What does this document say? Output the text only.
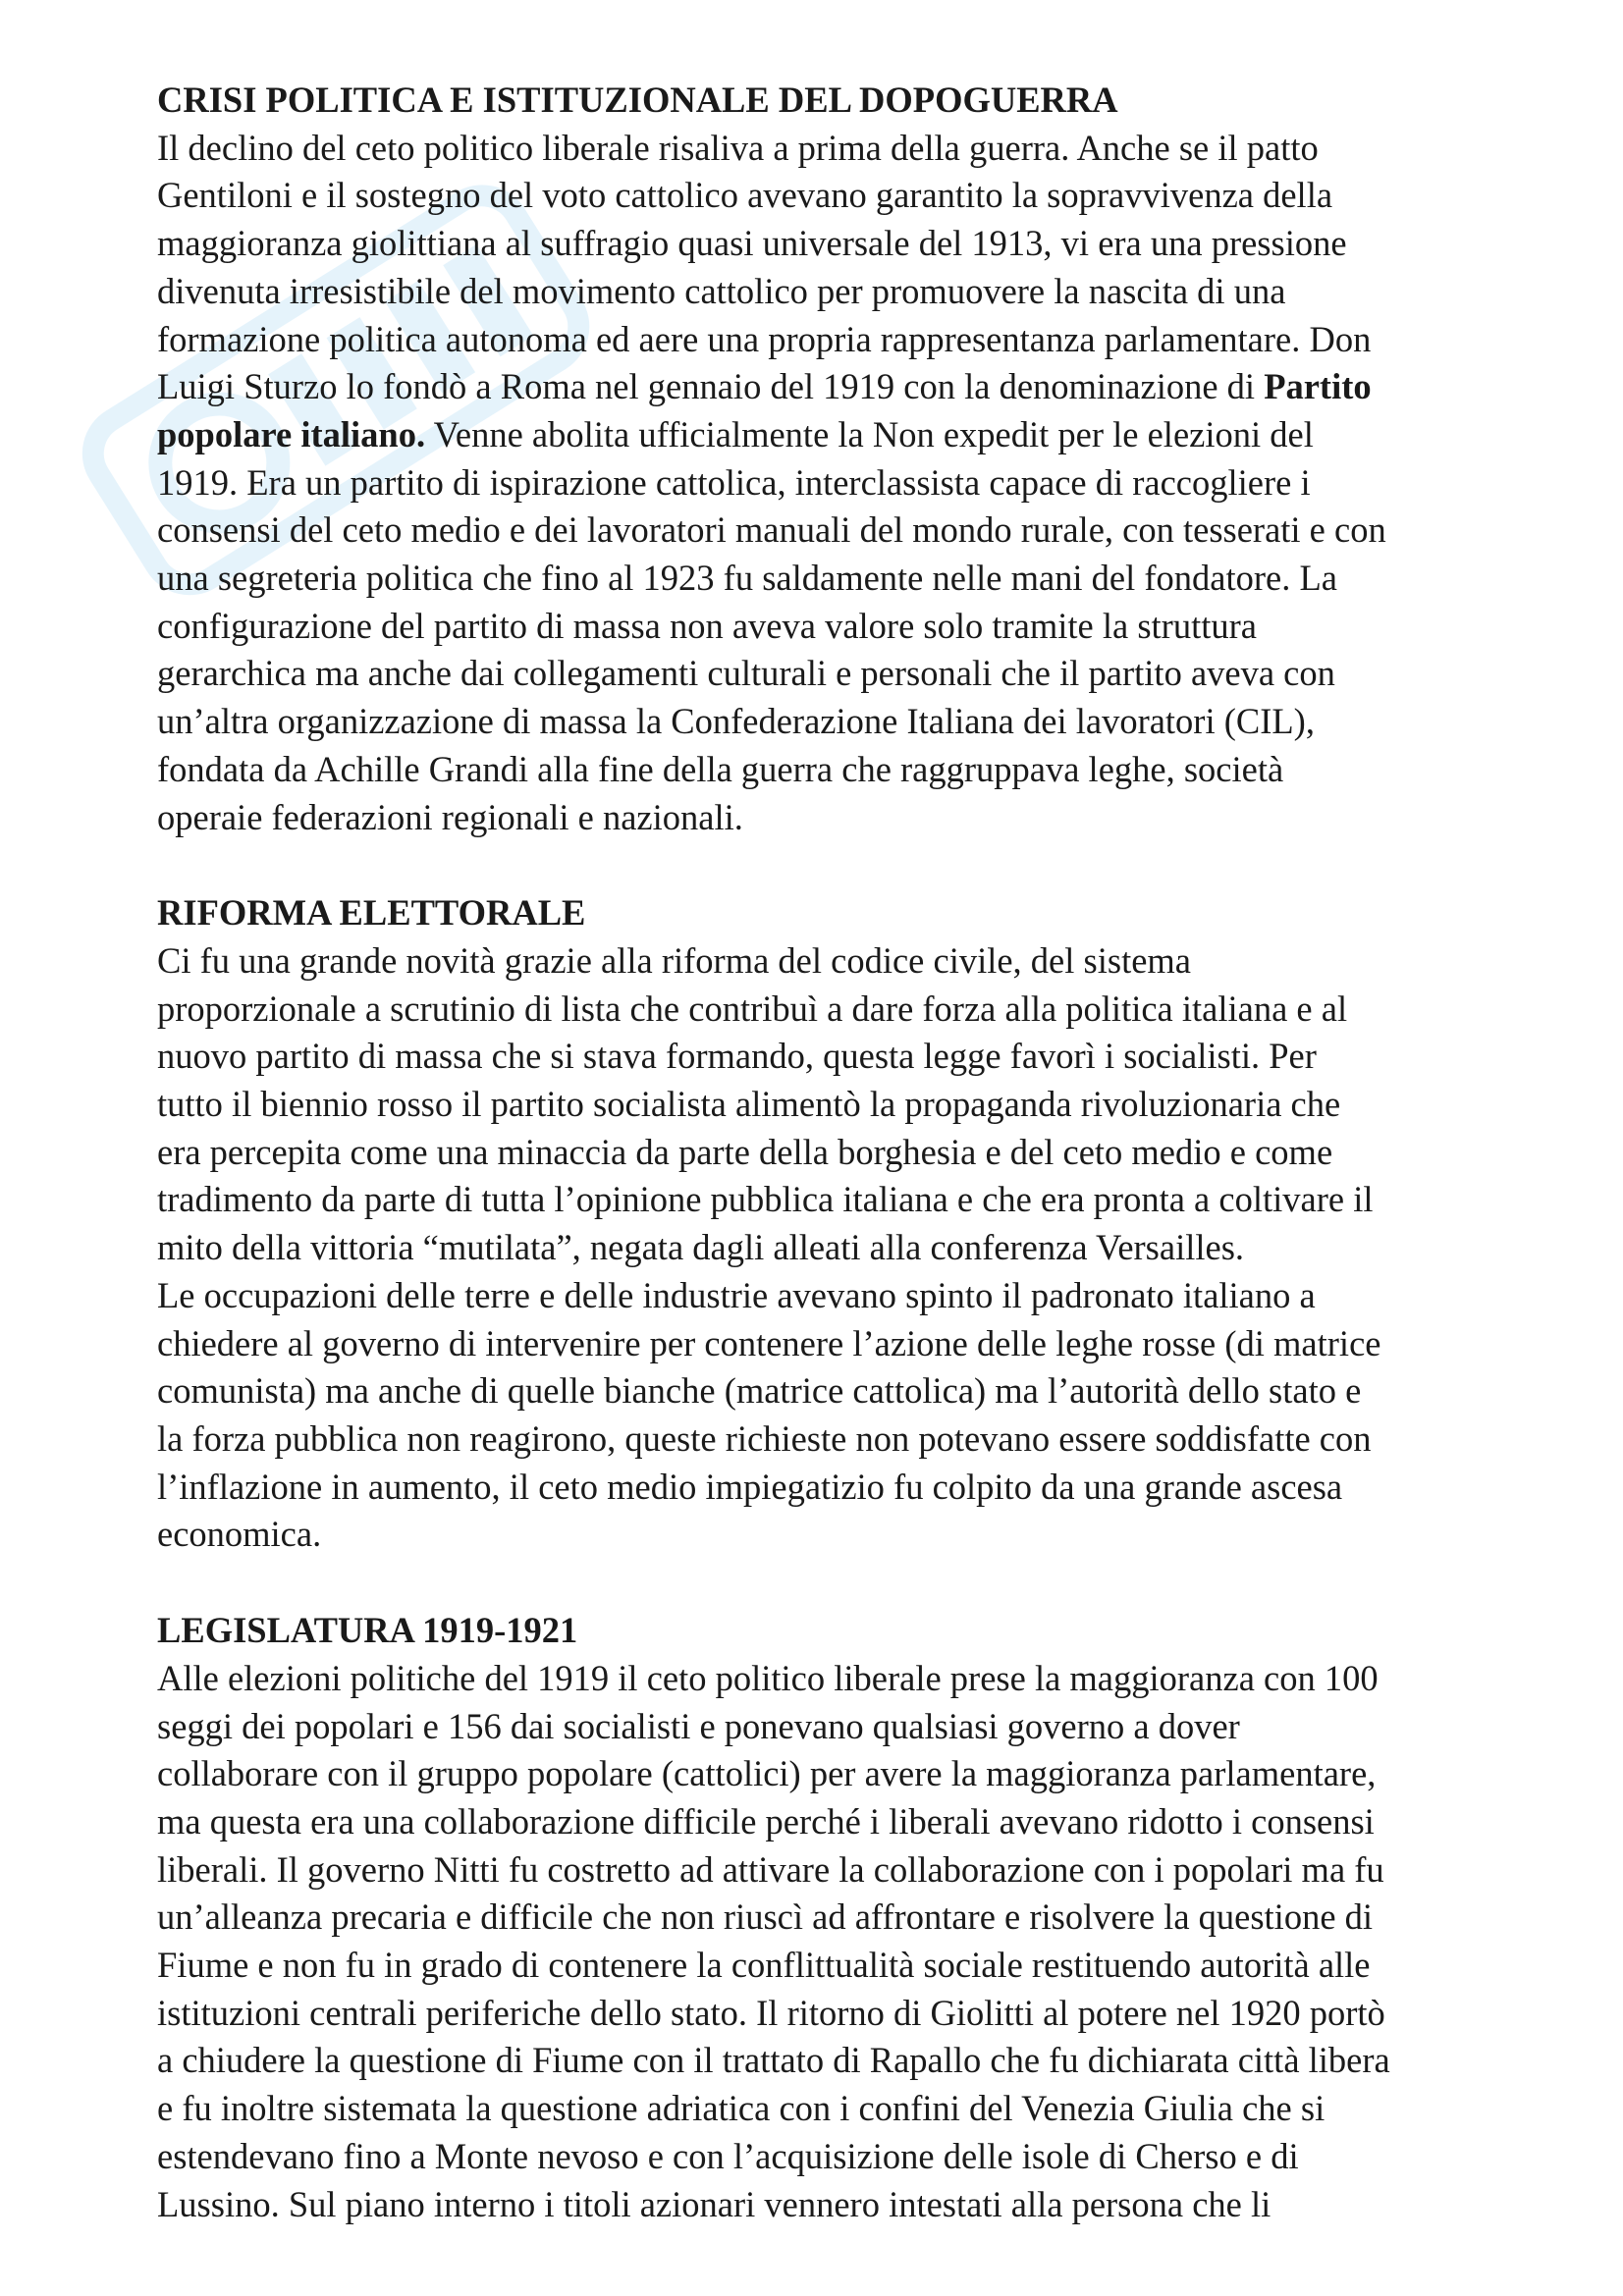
CRISI POLITICA E ISTITUZIONALE DEL DOPOGUERRA

Il declino del ceto politico liberale risaliva a prima della guerra. Anche se il patto

Gentiloni e il sostegno del voto cattolico avevano garantito la sopravvivenza della

maggioranza giolittiana al suffragio quasi universale del 1913, vi era una pressione

divenuta irresistibile del movimento cattolico per promuovere la nascita di una

formazione politica autonoma ed aere una propria rappresentanza parlamentare. Don

Luigi Sturzo lo fondò a Roma nel gennaio del 1919 con la denominazione di Partito

popolare italiano. Venne abolita ufficialmente la Non expedit per le elezioni del

1919. Era un partito di ispirazione cattolica, interclassista capace di raccogliere i

consensi del ceto medio e dei lavoratori manuali del mondo rurale, con tesserati e con

una segreteria politica che fino al 1923 fu saldamente nelle mani del fondatore. La

configurazione del partito di massa non aveva valore solo tramite la struttura

gerarchica ma anche dai collegamenti culturali e personali che il partito aveva con

un’altra organizzazione di massa la Confederazione Italiana dei lavoratori (CIL),

fondata da Achille Grandi alla fine della guerra che raggruppava leghe, società

operaie federazioni regionali e nazionali.

RIFORMA ELETTORALE

Ci fu una grande novità grazie alla riforma del codice civile, del sistema

proporzionale a scrutinio di lista che contribuì a dare forza alla politica italiana e al

nuovo partito di massa che si stava formando, questa legge favorì i socialisti. Per

tutto il biennio rosso il partito socialista alimentò la propaganda rivoluzionaria che

era percepita come una minaccia da parte della borghesia e del ceto medio e come

tradimento da parte di tutta l’opinione pubblica italiana e che era pronta a coltivare il

mito della vittoria “mutilata”, negata dagli alleati alla conferenza Versailles.

Le occupazioni delle terre e delle industrie avevano spinto il padronato italiano a

chiedere al governo di intervenire per contenere l’azione delle leghe rosse (di matrice

comunista) ma anche di quelle bianche (matrice cattolica) ma l’autorità dello stato e

la forza pubblica non reagirono, queste richieste non potevano essere soddisfatte con

l’inflazione in aumento, il ceto medio impiegatizio fu colpito da una grande ascesa

economica.

LEGISLATURA 1919-1921

Alle elezioni politiche del 1919 il ceto politico liberale prese la maggioranza con 100

seggi dei popolari e 156 dai socialisti e ponevano qualsiasi governo a dover

collaborare con il gruppo popolare (cattolici) per avere la maggioranza parlamentare,

ma questa era una collaborazione difficile perché i liberali avevano ridotto i consensi

liberali. Il governo Nitti fu costretto ad attivare la collaborazione con i popolari ma fu

un’alleanza precaria e difficile che non riuscì ad affrontare e risolvere la questione di

Fiume e non fu in grado di contenere la conflittualità sociale restituendo autorità alle

istituzioni centrali periferiche dello stato. Il ritorno di Giolitti al potere nel 1920 portò

a chiudere la questione di Fiume con il trattato di Rapallo che fu dichiarata città libera

e fu inoltre sistemata la questione adriatica con i confini del Venezia Giulia che si

estendevano fino a Monte nevoso e con l’acquisizione delle isole di Cherso e di

Lussino. Sul piano interno i titoli azionari vennero intestati alla persona che li
